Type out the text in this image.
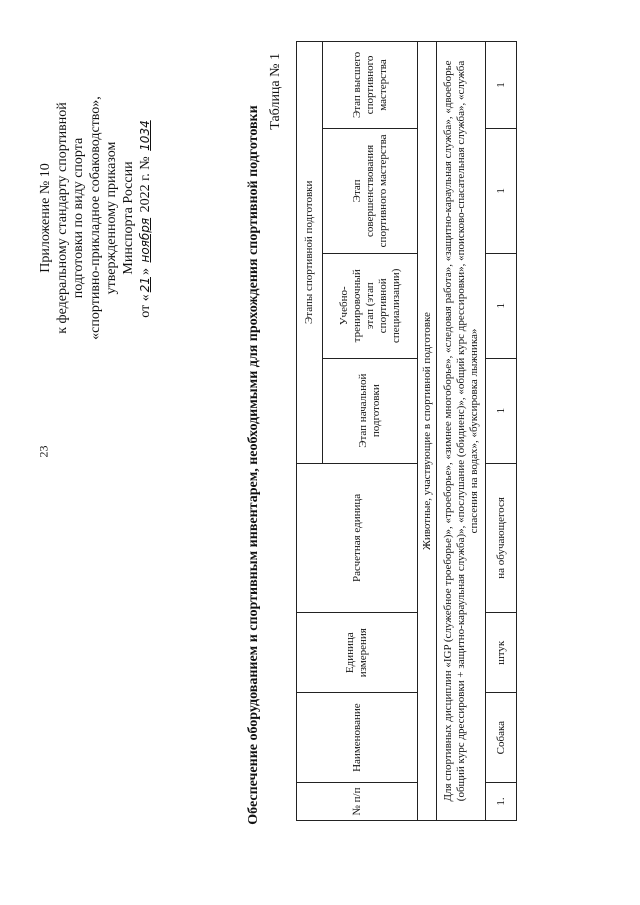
23
Приложение № 10 к федеральному стандарту спортивной подготовки по виду спорта «спортивно-прикладное собаководство», утвержденному приказом Минспорта России
от «21» ноября 2022 г. № 1034	Обеспечение оборудованием и спортивным инвентарем, необходимыми для прохождения спортивной подготовки
Таблица № 1
№ п/п	Наименование	Единица измерения	Расчетная единица	Этапы спортивной подготовки			
				Этап начальной подготовки	Учебно-тренировочный этап (этап спортивной специализации)	Этап совершенствования спортивного мастерства	Этап высшего спортивного мастерства
Животные, участвующие в спортивной подготовке							
Для спортивных дисциплин «IGP (служебное троеборье)», «троеборье», «зимнее многоборье», «следовая работа», «защитно-караульная служба», «двоеборье (общий курс дрессировки + защитно-караульная служба)», «послушание (обидиенс)», «общий курс дрессировки», «поисково-спасательная служба», «служба спасения на водах», «буксировка лыжника»							
1.	Собака	штук	на обучающегося	1	1	1	1
